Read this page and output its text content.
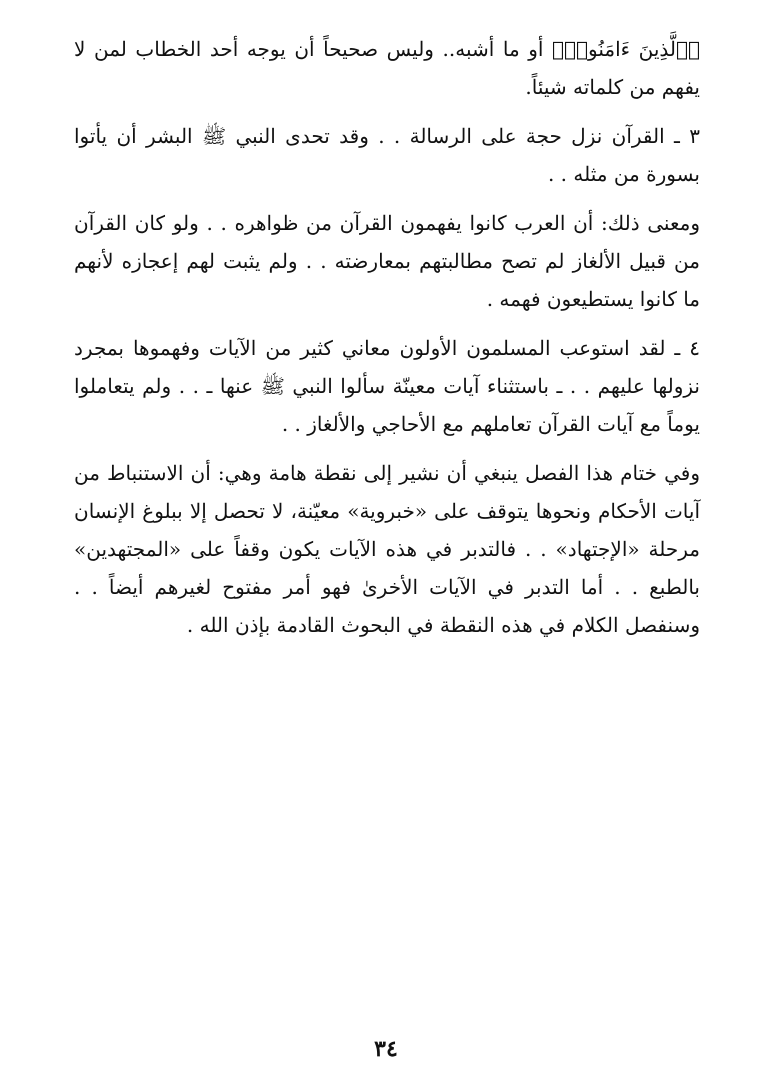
﴿ٱلَّذِينَ ءَامَنُوا۟﴾ أو ما أشبه.. وليس صحيحاً أن يوجه أحد الخطاب لمن لا يفهم من كلماته شيئاً.

٣ ـ القرآن نزل حجة على الرسالة . . وقد تحدى النبي ﷺ البشر أن يأتوا بسورة من مثله . .

ومعنى ذلك: أن العرب كانوا يفهمون القرآن من ظواهره . . ولو كان القرآن من قبيل الألغاز لم تصح مطالبتهم بمعارضته . . ولم يثبت لهم إعجازه لأنهم ما كانوا يستطيعون فهمه .

٤ ـ لقد استوعب المسلمون الأولون معاني كثير من الآيات وفهموها بمجرد نزولها عليهم . . ـ باستثناء آيات معينّة سألوا النبي ﷺ عنها ـ . . ولم يتعاملوا يوماً مع آيات القرآن تعاملهم مع الأحاجي والألغاز . .

وفي ختام هذا الفصل ينبغي أن نشير إلى نقطة هامة وهي: أن الاستنباط من آيات الأحكام ونحوها يتوقف على «خبروية» معيّنة، لا تحصل إلا ببلوغ الإنسان مرحلة «الإجتهاد» . . فالتدبر في هذه الآيات يكون وقفاً على «المجتهدين» بالطبع . . أما التدبر في الآيات الأخرىٰ فهو أمر مفتوح لغيرهم أيضاً . . وسنفصل الكلام في هذه النقطة في البحوث القادمة بإذن الله .

٣٤
